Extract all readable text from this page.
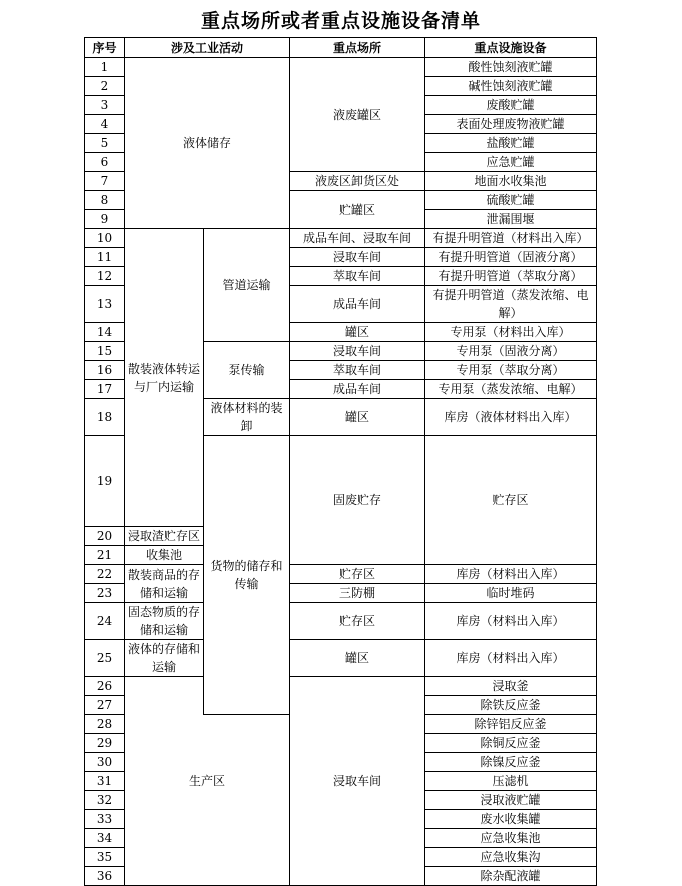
重点场所或者重点设施设备清单
序号	涉及工业活动		重点场所	重点设施设备	
1	液体储存		液废罐区	酸性蚀刻液贮罐	
2				碱性蚀刻液贮罐	
3				废酸贮罐	
4				表面处理废物液贮罐	
5				盐酸贮罐	
6				应急贮罐	
7			液废区卸货区处	地面水收集池	
8			贮罐区	硫酸贮罐	
9				泄漏围堰	
10	散装液体转运与厂内运输	管道运输	成品车间、浸取车间	有提升明管道（材料出入库）	
11			浸取车间	有提升明管道（固液分离）	
12			萃取车间	有提升明管道（萃取分离）	
13			成品车间	有提升明管道（蒸发浓缩、电解）	
14			罐区	专用泵（材料出入库）	
15		泵传输	浸取车间	专用泵（固液分离）	
16			萃取车间	专用泵（萃取分离）	
17			成品车间	专用泵（蒸发浓缩、电解）	
18		液体材料的装卸	罐区	库房（液体材料出入库）	
19		货物的储存和传输	固废贮存	贮存区	
20	浸取渣贮存区				
21	收集池				
22	散装商品的存储和运输		贮存区	库房（材料出入库）	
23			三防棚	临时堆码	
24	固态物质的存储和运输		贮存区	库房（材料出入库）	
25	液体的存储和运输		罐区	库房（材料出入库）	
26	生产区		浸取车间	浸取釜	
27				除铁反应釜	
28				除锌铝反应釜	
29				除铜反应釜	
30				除镍反应釜	
31				压滤机	
32				浸取液贮罐	
33				废水收集罐	
34				应急收集池	
35				应急收集沟	
36				除杂配液罐	
